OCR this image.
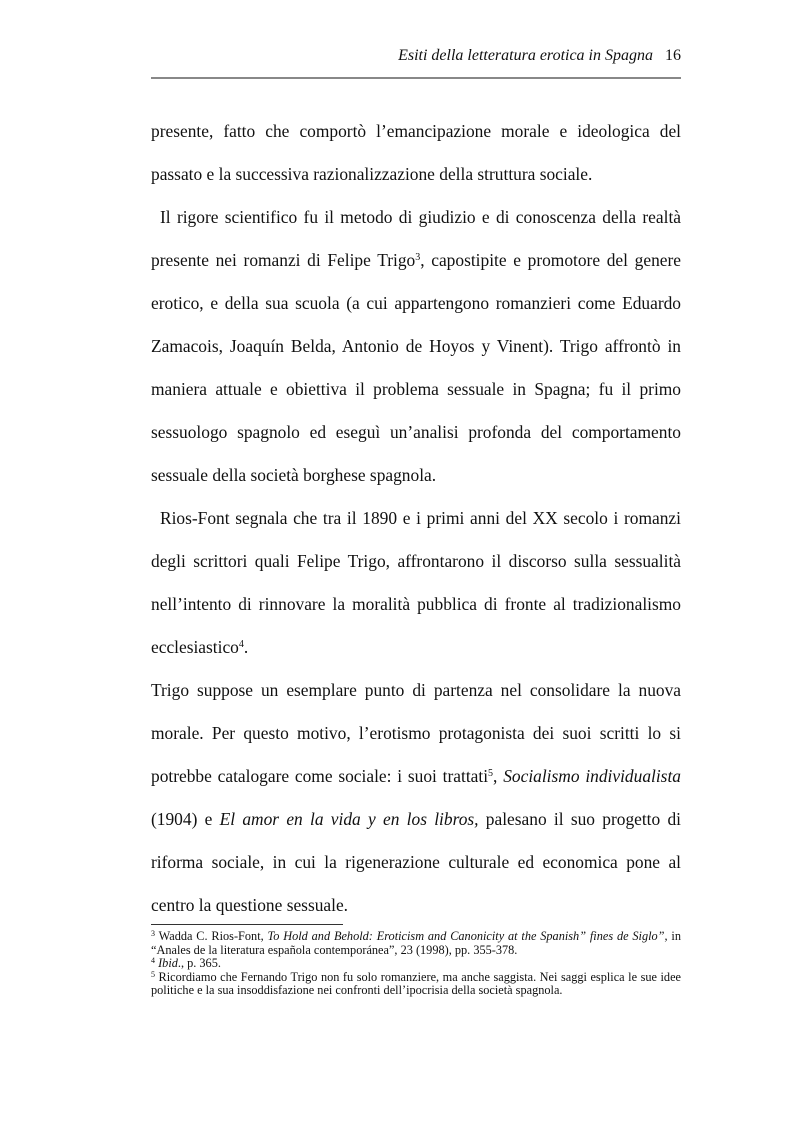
Esiti della letteratura erotica in Spagna 16

presente, fatto che comportò l’emancipazione morale e ideologica del passato e la successiva razionalizzazione della struttura sociale.

Il rigore scientifico fu il metodo di giudizio e di conoscenza della realtà presente nei romanzi di Felipe Trigo$^3$, capostipite e promotore del genere erotico, e della sua scuola (a cui appartengono romanzieri come Eduardo Zamacois, Joaquín Belda, Antonio de Hoyos y Vinent). Trigo affrontò in maniera attuale e obiettiva il problema sessuale in Spagna; fu il primo sessuologo spagnolo ed eseguì un’analisi profonda del comportamento sessuale della società borghese spagnola.

Rios-Font segnala che tra il 1890 e i primi anni del XX secolo i romanzi degli scrittori quali Felipe Trigo, affrontarono il discorso sulla sessualità nell’intento di rinnovare la moralità pubblica di fronte al tradizionalismo ecclesiastico$^4$.

Trigo suppose un esemplare punto di partenza nel consolidare la nuova morale. Per questo motivo, l’erotismo protagonista dei suoi scritti lo si potrebbe catalogare come sociale: i suoi trattati$^5$, Socialismo individualista (1904) e El amor en la vida y en los libros, palesano il suo progetto di riforma sociale, in cui la rigenerazione culturale ed economica pone al centro la questione sessuale.

$^3$ Wadda C. Rios-Font, To Hold and Behold: Eroticism and Canonicity at the Spanish” fines de Siglo”, in “Anales de la literatura española contemporánea”, 23 (1998), pp. 355-378.

$^4$ Ibid., p. 365.

$^5$ Ricordiamo che Fernando Trigo non fu solo romanziere, ma anche saggista. Nei saggi esplica le sue idee politiche e la sua insoddisfazione nei confronti dell’ipocrisia della società spagnola.
